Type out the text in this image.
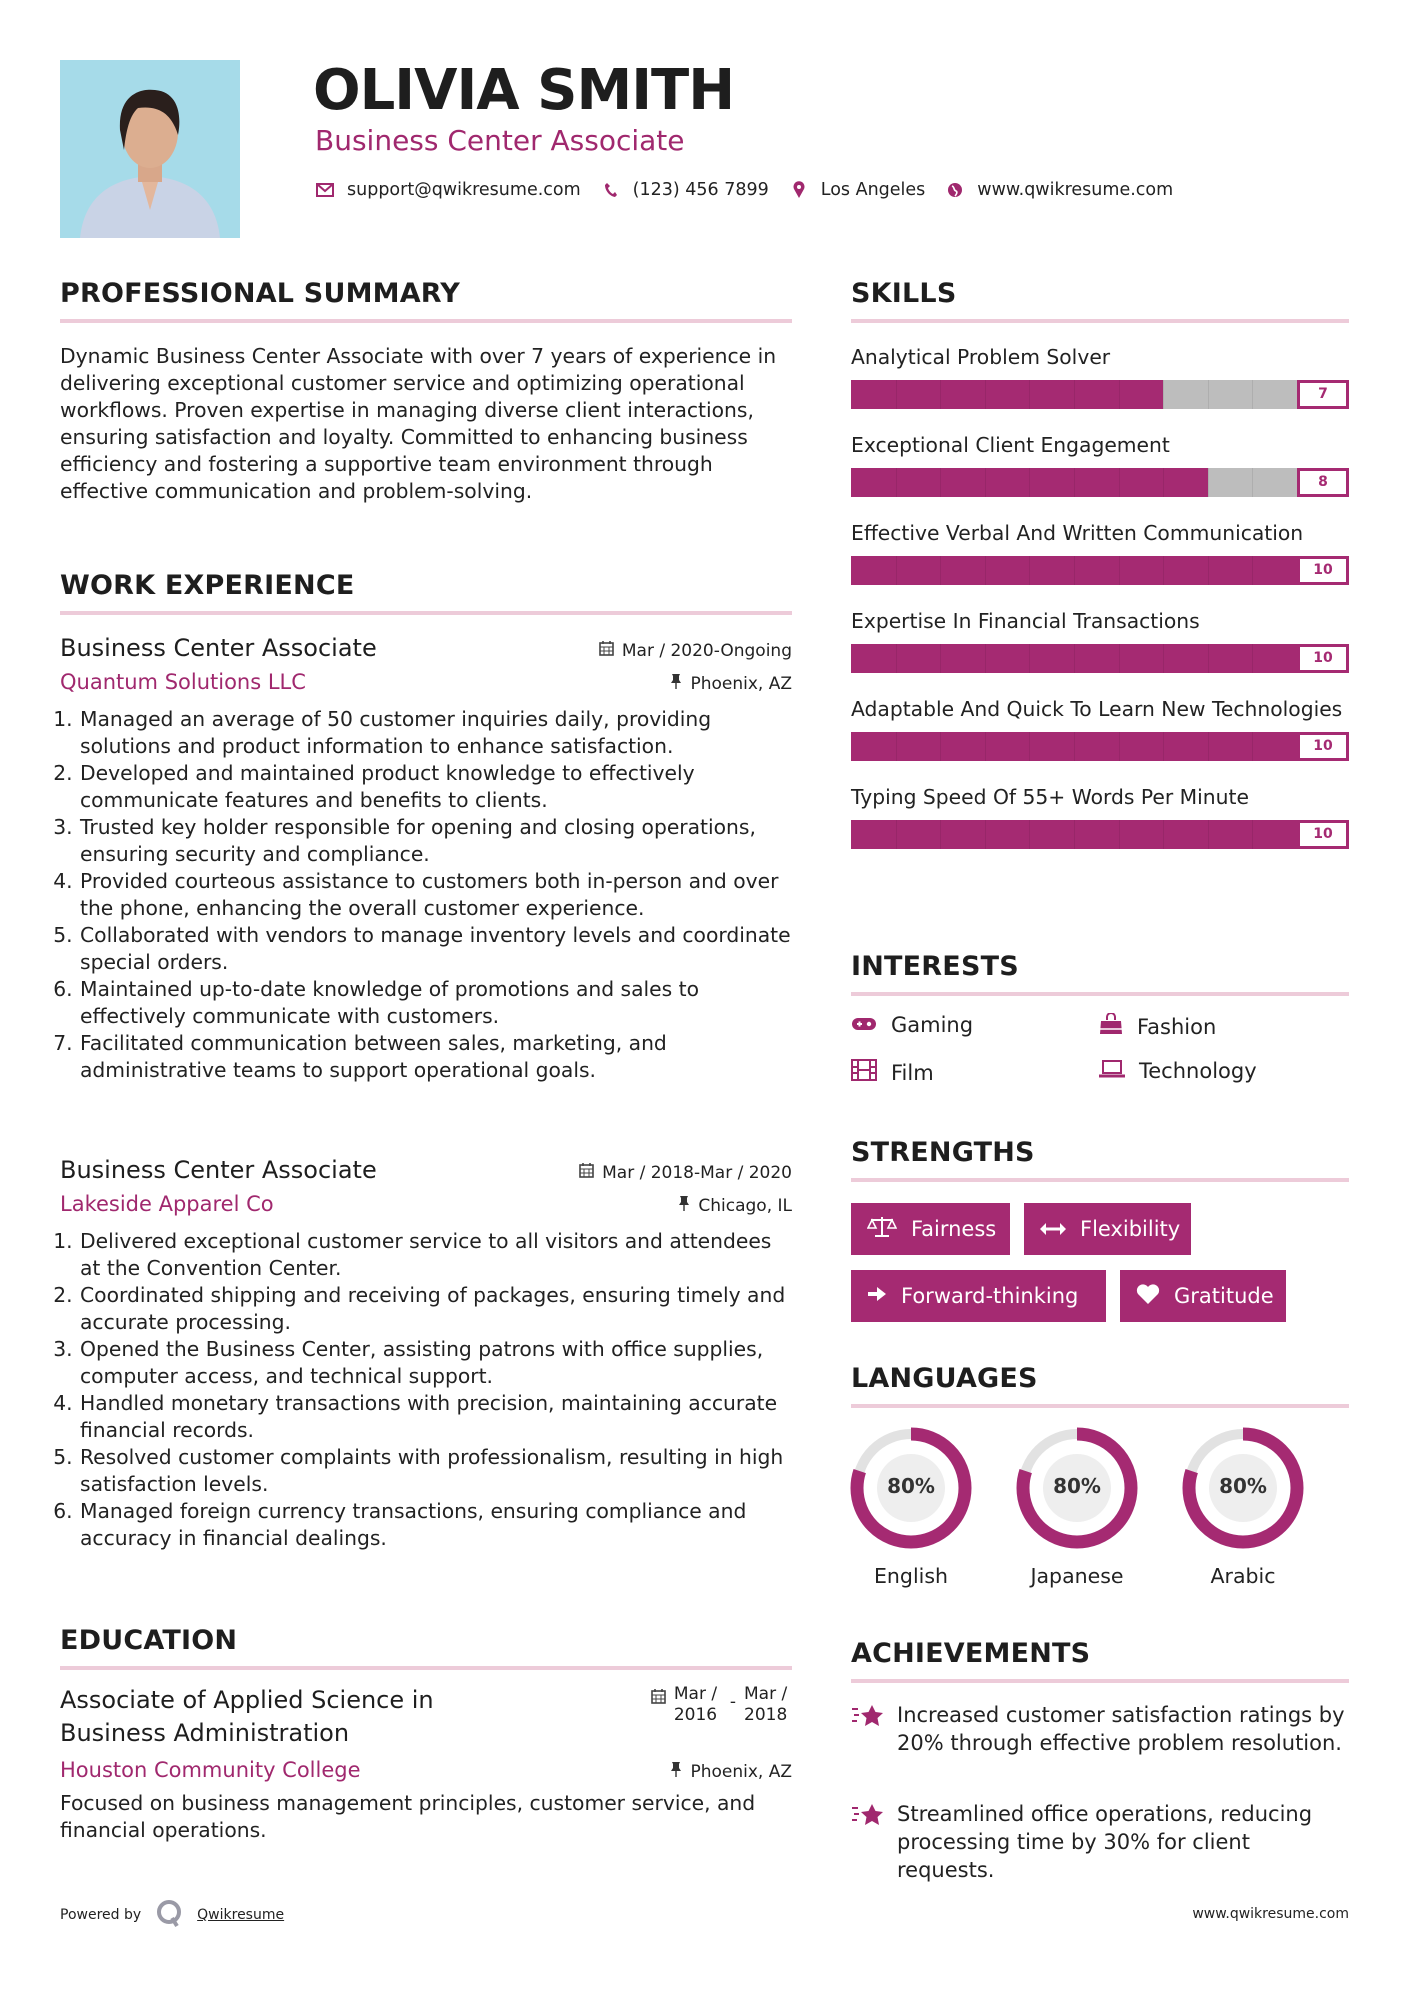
OLIVIA SMITH
Business Center Associate
support@qwikresume.com	(123) 456 7899	Los Angeles	www.qwikresume.com
PROFESSIONAL SUMMARY

Dynamic Business Center Associate with over 7 years of experience in delivering exceptional customer service and optimizing operational workflows. Proven expertise in managing diverse client interactions, ensuring satisfaction and loyalty. Committed to enhancing business efficiency and fostering a supportive team environment through effective communication and problem-solving.

WORK EXPERIENCE
Business Center Associate	Mar / 2020-Ongoing
Quantum Solutions LLC	Phoenix, AZ
1. Managed an average of 50 customer inquiries daily, providing solutions and product information to enhance satisfaction.
2. Developed and maintained product knowledge to effectively communicate features and benefits to clients.
3. Trusted key holder responsible for opening and closing operations, ensuring security and compliance.
4. Provided courteous assistance to customers both in-person and over the phone, enhancing the overall customer experience.
5. Collaborated with vendors to manage inventory levels and coordinate special orders.
6. Maintained up-to-date knowledge of promotions and sales to effectively communicate with customers.
7. Facilitated communication between sales, marketing, and administrative teams to support operational goals.
Business Center Associate	Mar / 2018-Mar / 2020
Lakeside Apparel Co	Chicago, IL
1. Delivered exceptional customer service to all visitors and attendees at the Convention Center.
2. Coordinated shipping and receiving of packages, ensuring timely and accurate processing.
3. Opened the Business Center, assisting patrons with office supplies, computer access, and technical support.
4. Handled monetary transactions with precision, maintaining accurate financial records.
5. Resolved customer complaints with professionalism, resulting in high satisfaction levels.
6. Managed foreign currency transactions, ensuring compliance and accuracy in financial dealings.
EDUCATION
Associate of Applied Science in Business Administration
Mar / 2016
- Mar / 2018
Houston Community College	Phoenix, AZ

Focused on business management principles, customer service, and financial operations.

Powered by	Qwikresume	www.qwikresume.com
SKILLS
Analytical Problem Solver
7
Exceptional Client Engagement
8
Effective Verbal And Written Communication
10
Expertise In Financial Transactions
10
Adaptable And Quick To Learn New Technologies
10
Typing Speed Of 55+ Words Per Minute
10
INTERESTS
Gaming	Fashion
Film	Technology
STRENGTHS
Fairness	Flexibility
Forward-thinking	Gratitude
LANGUAGES
80%
English
80%
Japanese
80%
Arabic
ACHIEVEMENTS
Increased customer satisfaction ratings by 20% through effective problem resolution.
Streamlined office operations, reducing processing time by 30% for client requests.
